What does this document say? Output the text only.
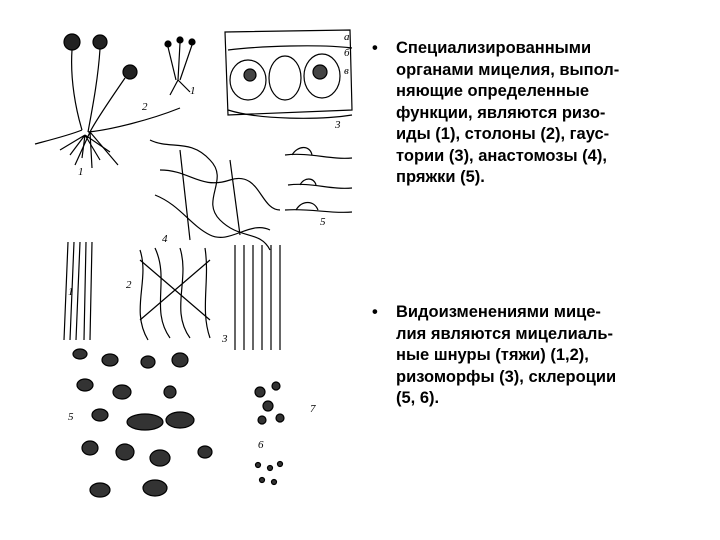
2
1
1
а
б
в
3
5
4
1
2
3
5
6
7
• Специализированными
органами мицелия, выпол-
няющие определенные
функции, являются ризо-
иды (1), столоны (2), гаус-
тории (3), анастомозы (4),
пряжки (5).
• Видоизменениями мице-
лия являются мицелиаль-
ные шнуры (тяжи) (1,2),
ризоморфы (3), склероции
(5, 6).
